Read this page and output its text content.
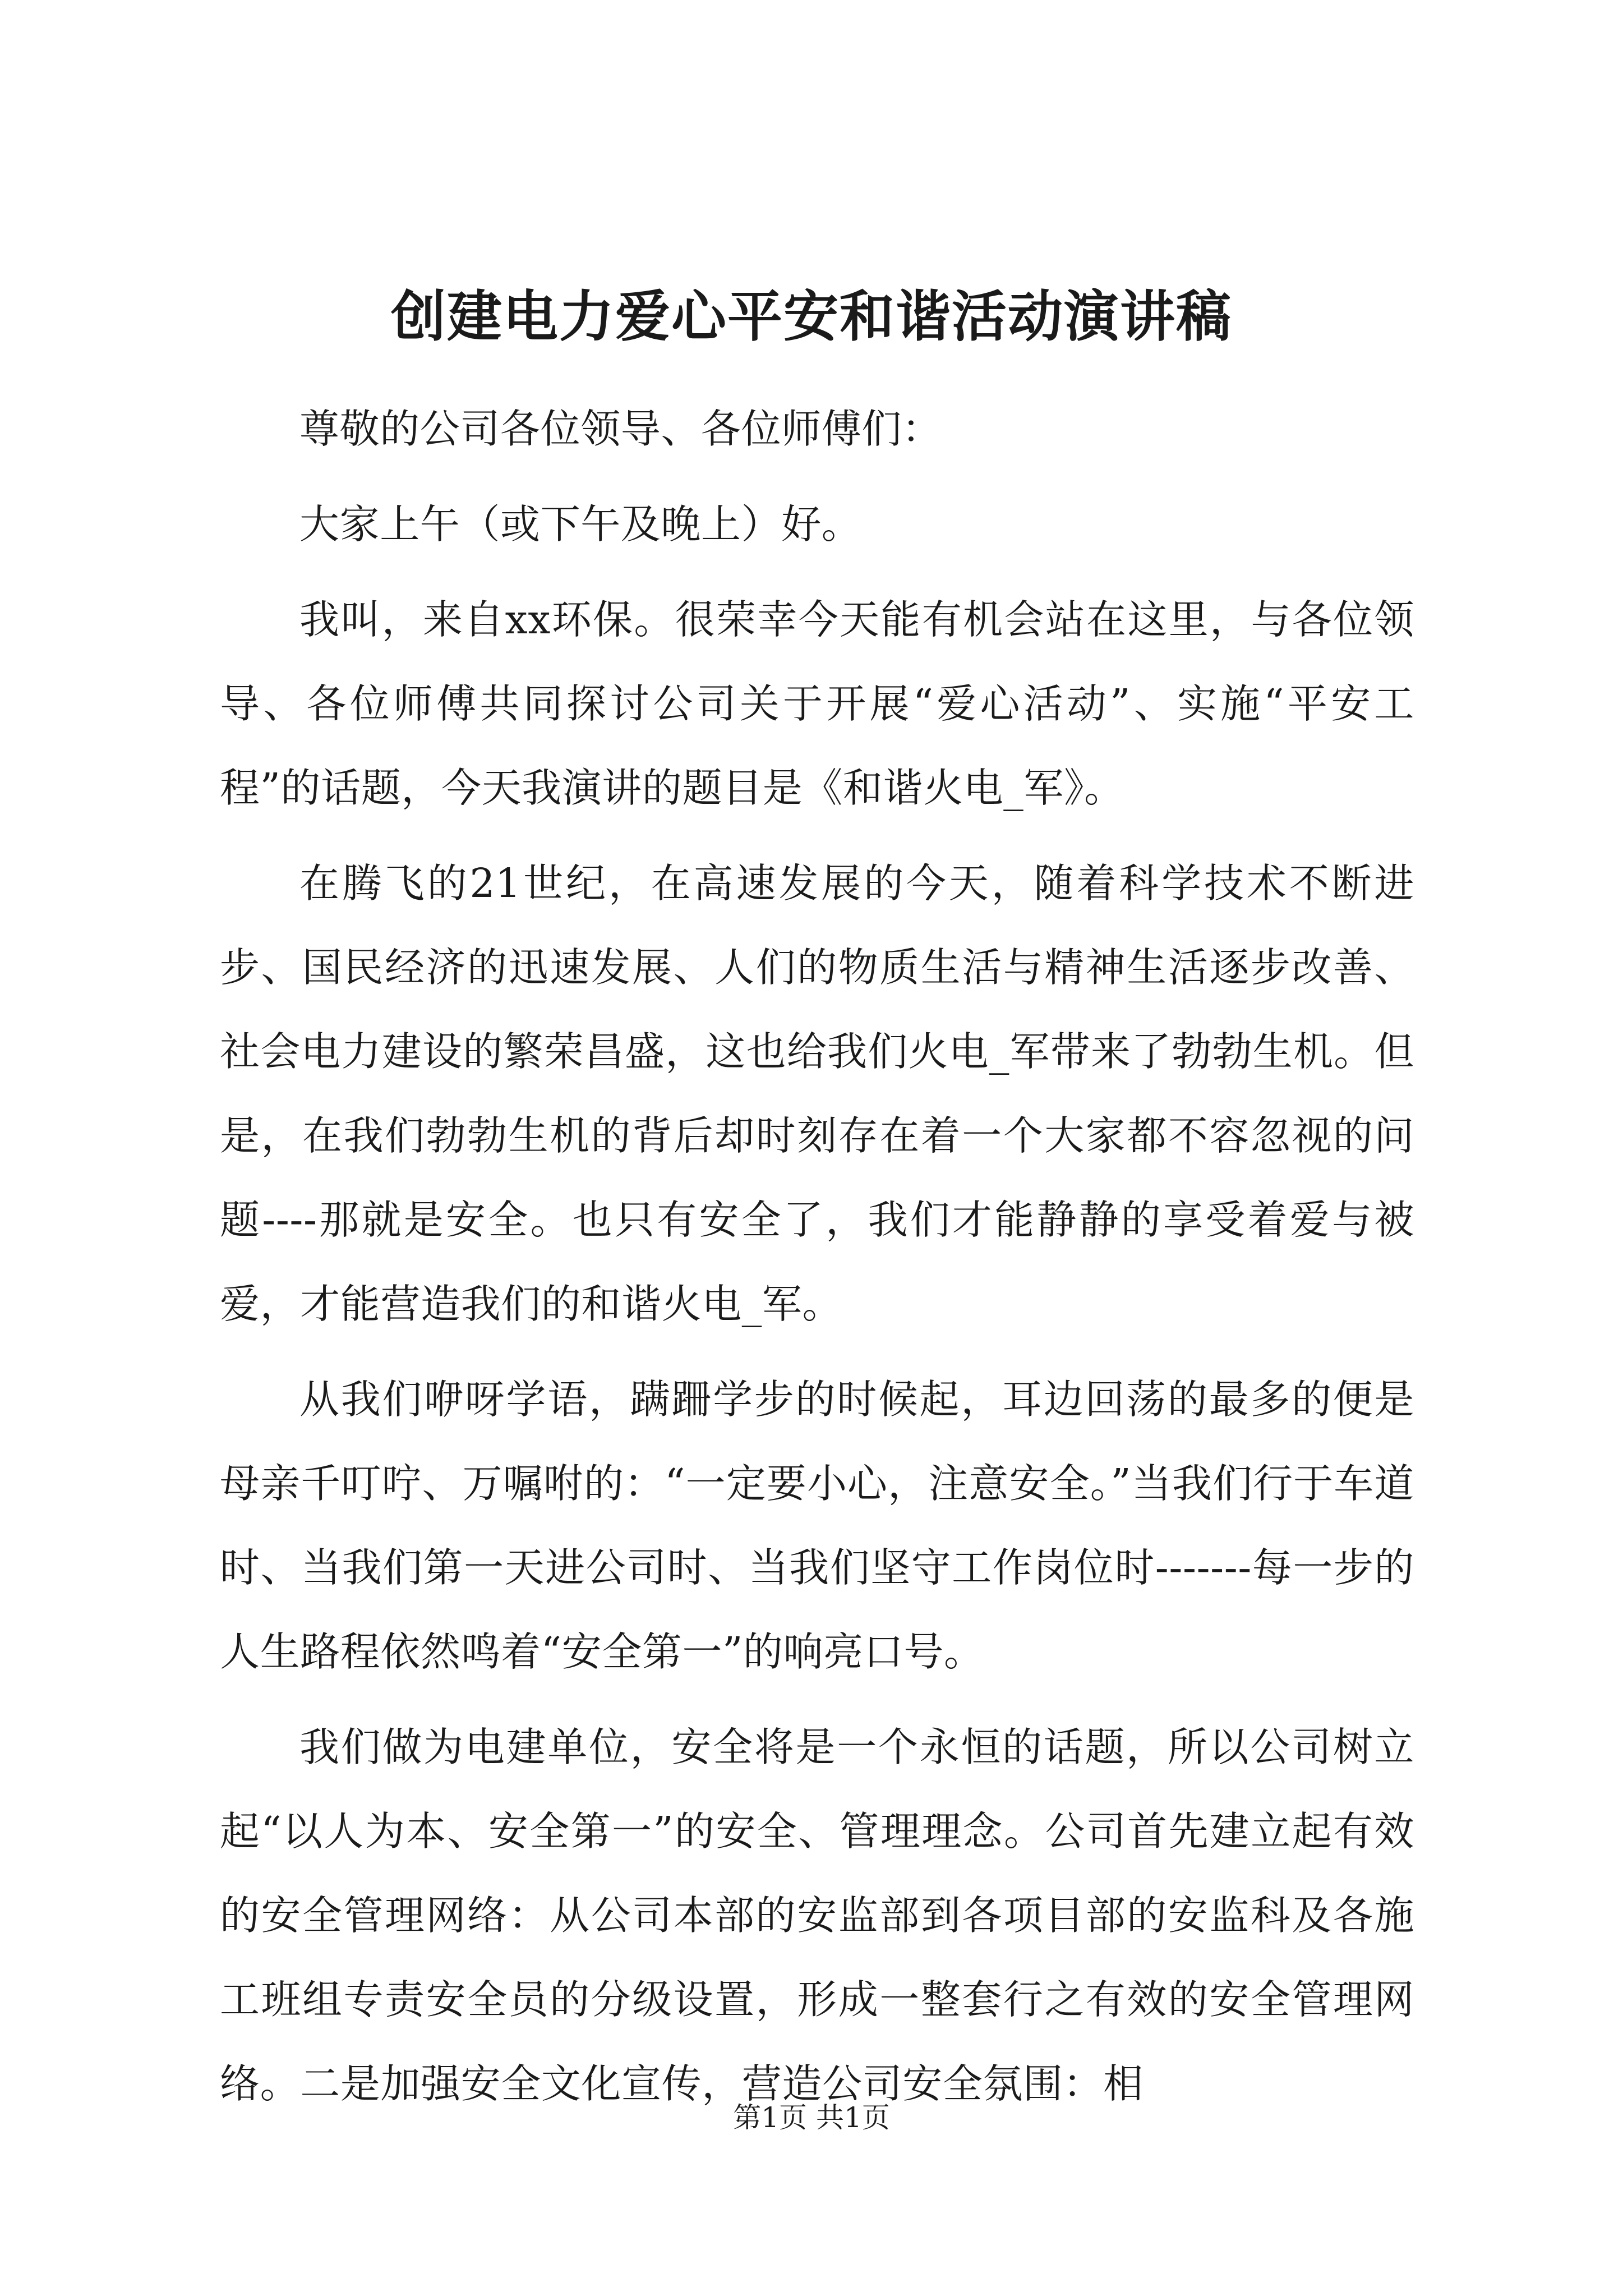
创建电力爱心平安和谐活动演讲稿

尊敬的公司各位领导、各位师傅们：

大家上午（或下午及晚上）好。

我叫，来自xx环保。很荣幸今天能有机会站在这里，与各位领导、各位师傅共同探讨公司关于开展“爱心活动”、实施“平安工程”的话题，今天我演讲的题目是《和谐火电_军》。

在腾飞的21世纪，在高速发展的今天，随着科学技术不断进步、国民经济的迅速发展、人们的物质生活与精神生活逐步改善、社会电力建设的繁荣昌盛，这也给我们火电_军带来了勃勃生机。但是，在我们勃勃生机的背后却时刻存在着一个大家都不容忽视的问题----那就是安全。也只有安全了，我们才能静静的享受着爱与被爱，才能营造我们的和谐火电_军。

从我们咿呀学语，蹒跚学步的时候起，耳边回荡的最多的便是母亲千叮咛、万嘱咐的：“一定要小心，注意安全。”当我们行于车道时、当我们第一天进公司时、当我们坚守工作岗位时-------每一步的人生路程依然鸣着“安全第一”的响亮口号。

我们做为电建单位，安全将是一个永恒的话题，所以公司树立起“以人为本、安全第一”的安全、管理理念。公司首先建立起有效的安全管理网络：从公司本部的安监部到各项目部的安监科及各施工班组专责安全员的分级设置，形成一整套行之有效的安全管理网络。二是加强安全文化宣传，营造公司安全氛围：相

第1页 共1页
